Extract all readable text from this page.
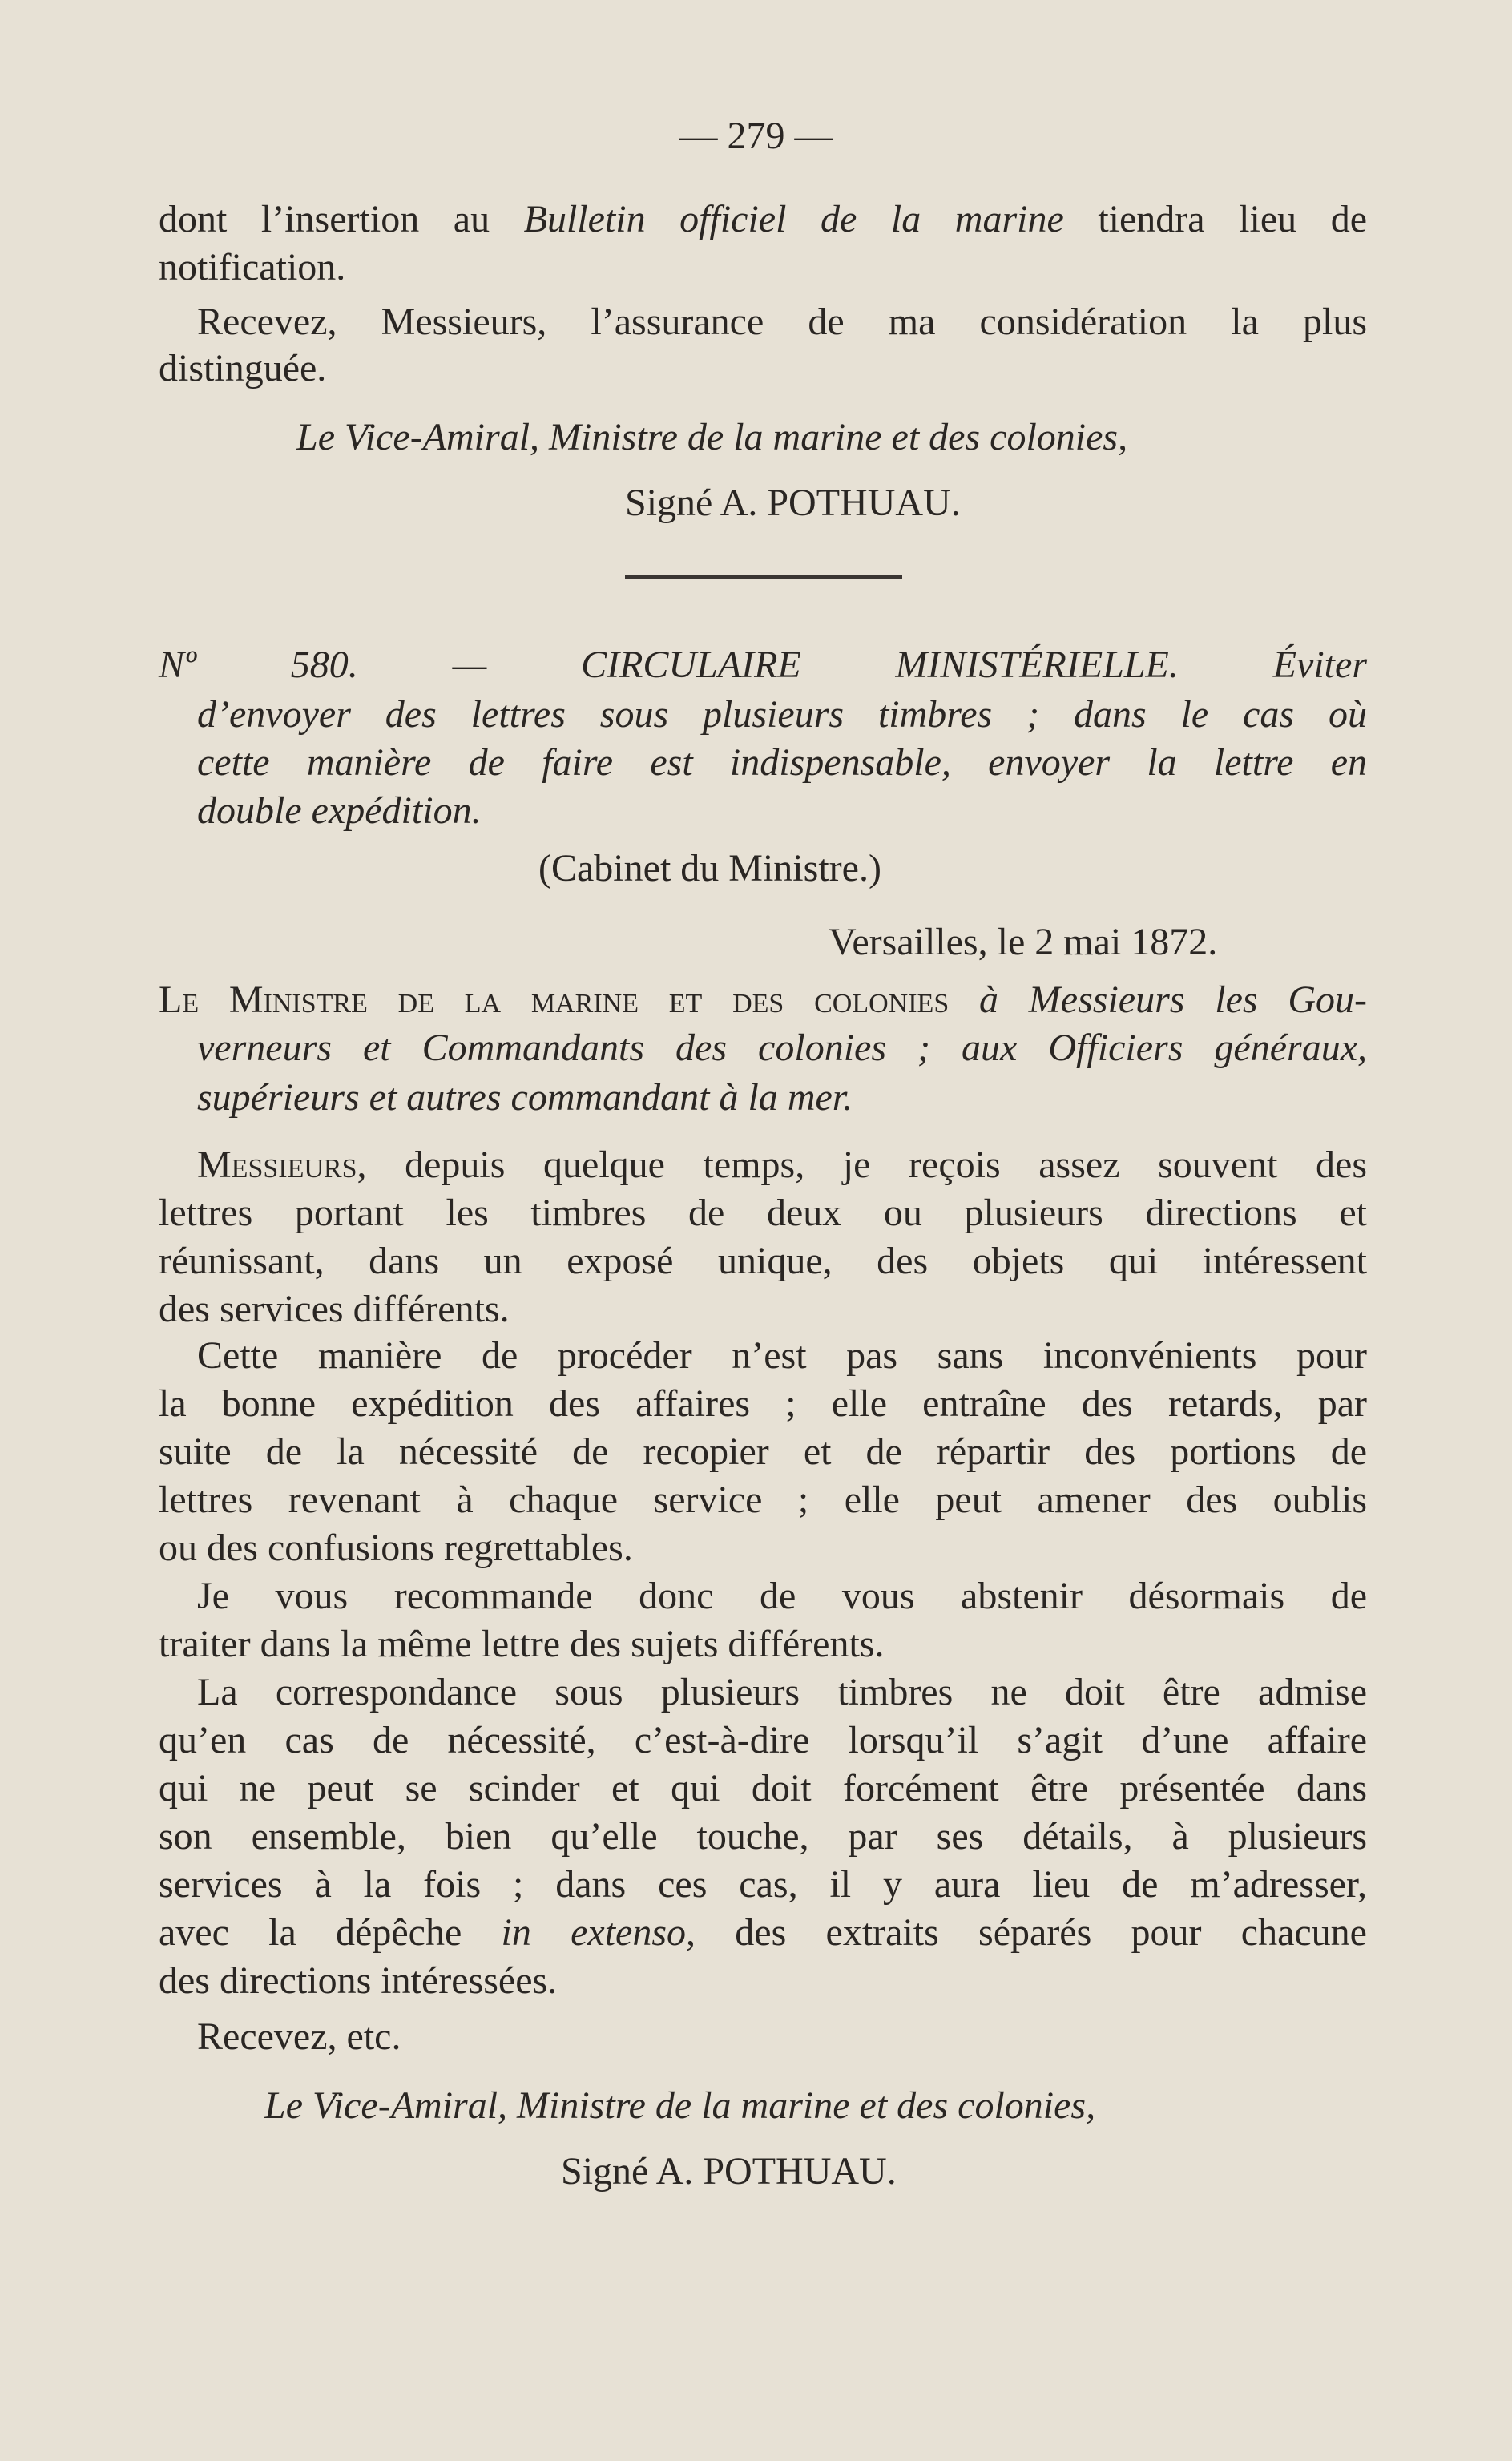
— 279 —
dont l’insertion au Bulletin officiel de la marine tiendra lieu de
notification.
Recevez, Messieurs, l’assurance de ma considération la plus
distinguée.
Le Vice-Amiral, Ministre de la marine et des colonies,
Signé A. POTHUAU.
Nº 580. — CIRCULAIRE MINISTÉRIELLE. Éviter
d’envoyer des lettres sous plusieurs timbres ; dans le cas où
cette manière de faire est indispensable, envoyer la lettre en
double expédition.
(Cabinet du Ministre.)
Versailles, le 2 mai 1872.
Le Ministre de la marine et des colonies à Messieurs les Gou-
verneurs et Commandants des colonies ; aux Officiers généraux,
supérieurs et autres commandant à la mer.
Messieurs, depuis quelque temps, je reçois assez souvent des
lettres portant les timbres de deux ou plusieurs directions et
réunissant, dans un exposé unique, des objets qui intéressent
des services différents.
Cette manière de procéder n’est pas sans inconvénients pour
la bonne expédition des affaires ; elle entraîne des retards, par
suite de la nécessité de recopier et de répartir des portions de
lettres revenant à chaque service ; elle peut amener des oublis
ou des confusions regrettables.
Je vous recommande donc de vous abstenir désormais de
traiter dans la même lettre des sujets différents.
La correspondance sous plusieurs timbres ne doit être admise
qu’en cas de nécessité, c’est-à-dire lorsqu’il s’agit d’une affaire
qui ne peut se scinder et qui doit forcément être présentée dans
son ensemble, bien qu’elle touche, par ses détails, à plusieurs
services à la fois ; dans ces cas, il y aura lieu de m’adresser,
avec la dépêche in extenso, des extraits séparés pour chacune
des directions intéressées.
Recevez, etc.
Le Vice-Amiral, Ministre de la marine et des colonies,
Signé A. POTHUAU.
